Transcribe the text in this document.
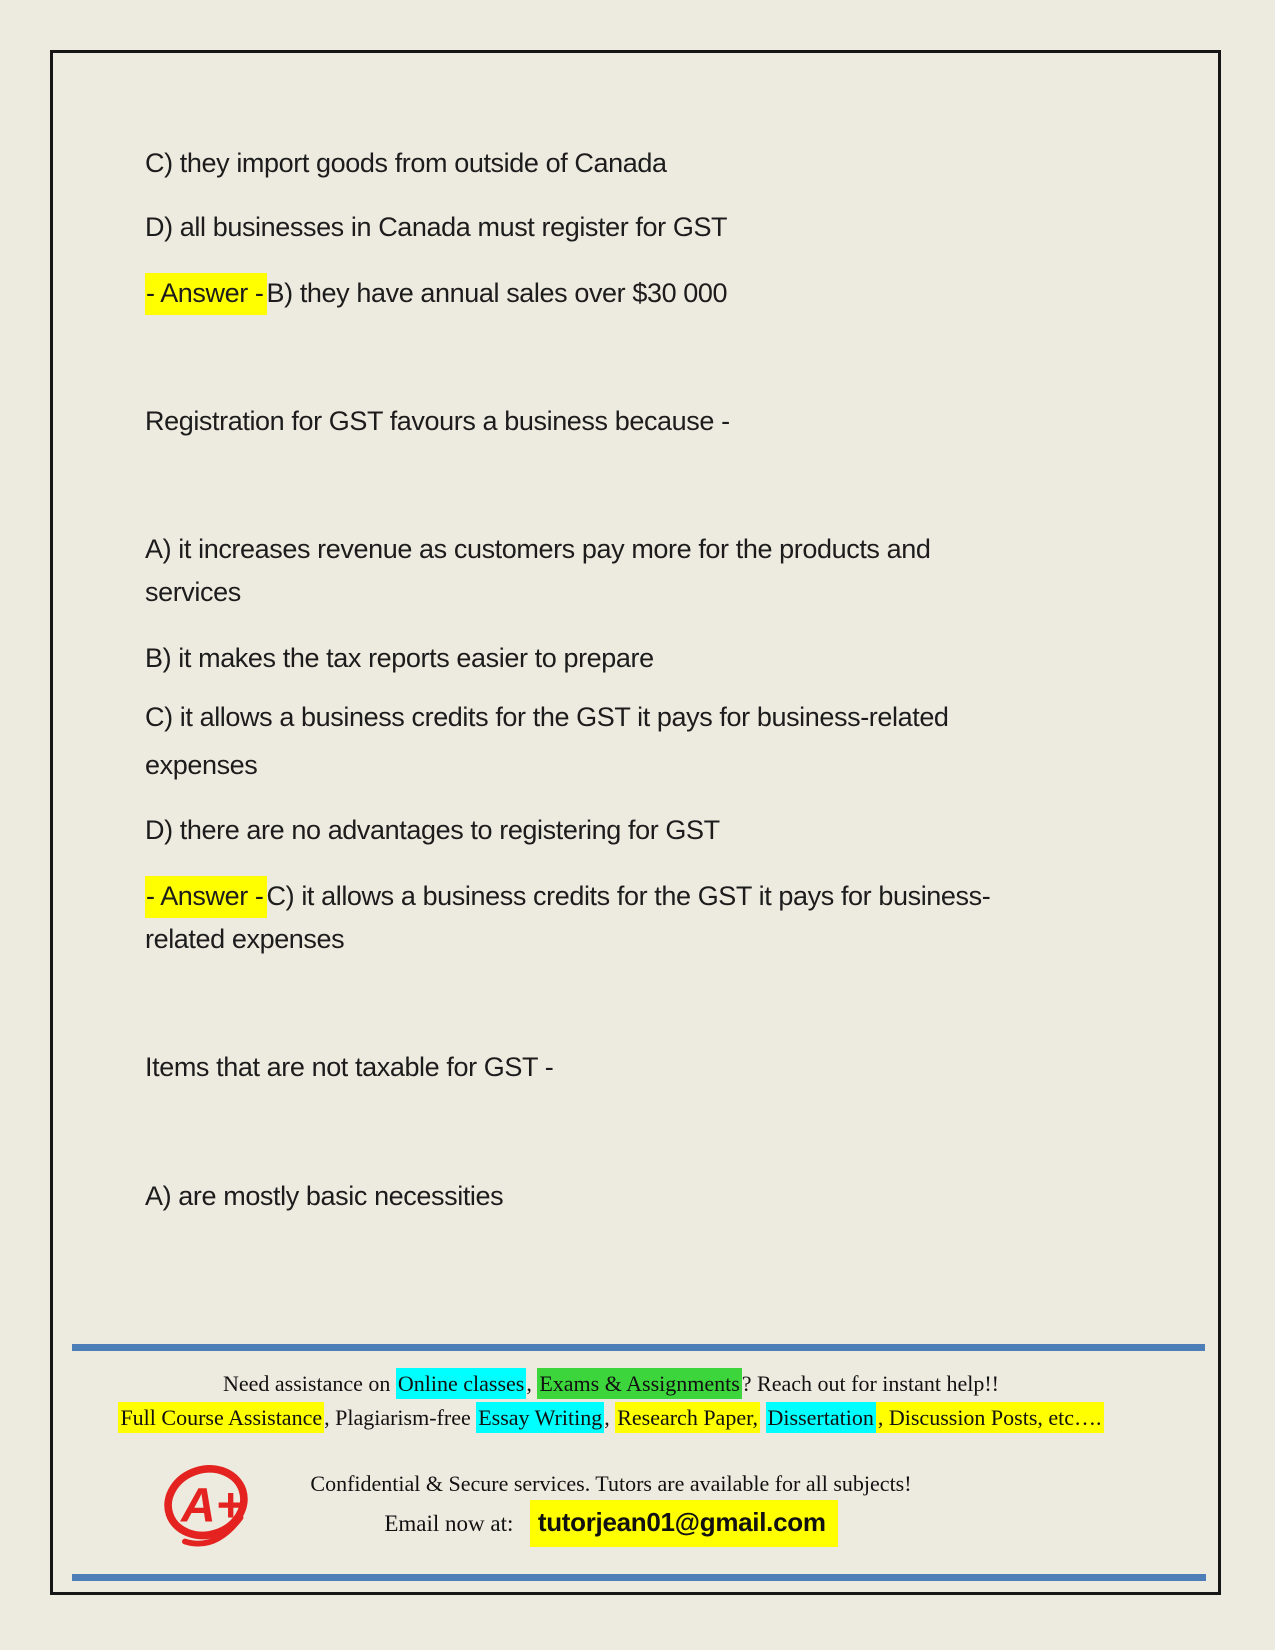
C) they import goods from outside of Canada
D) all businesses in Canada must register for GST
- Answer - B) they have annual sales over $30 000
Registration for GST favours a business because -
A) it increases revenue as customers pay more for the products and
services
B) it makes the tax reports easier to prepare
C) it allows a business credits for the GST it pays for business-related
expenses
D) there are no advantages to registering for GST
- Answer - C) it allows a business credits for the GST it pays for business-
related expenses
Items that are not taxable for GST -
A) are mostly basic necessities
Need assistance on Online classes, Exams & Assignments? Reach out for instant help!!
Full Course Assistance, Plagiarism-free Essay Writing, Research Paper, Dissertation , Discussion Posts, etc….
A+	Confidential & Secure services. Tutors are available for all subjects!
Email now at: tutorjean01@gmail.com
